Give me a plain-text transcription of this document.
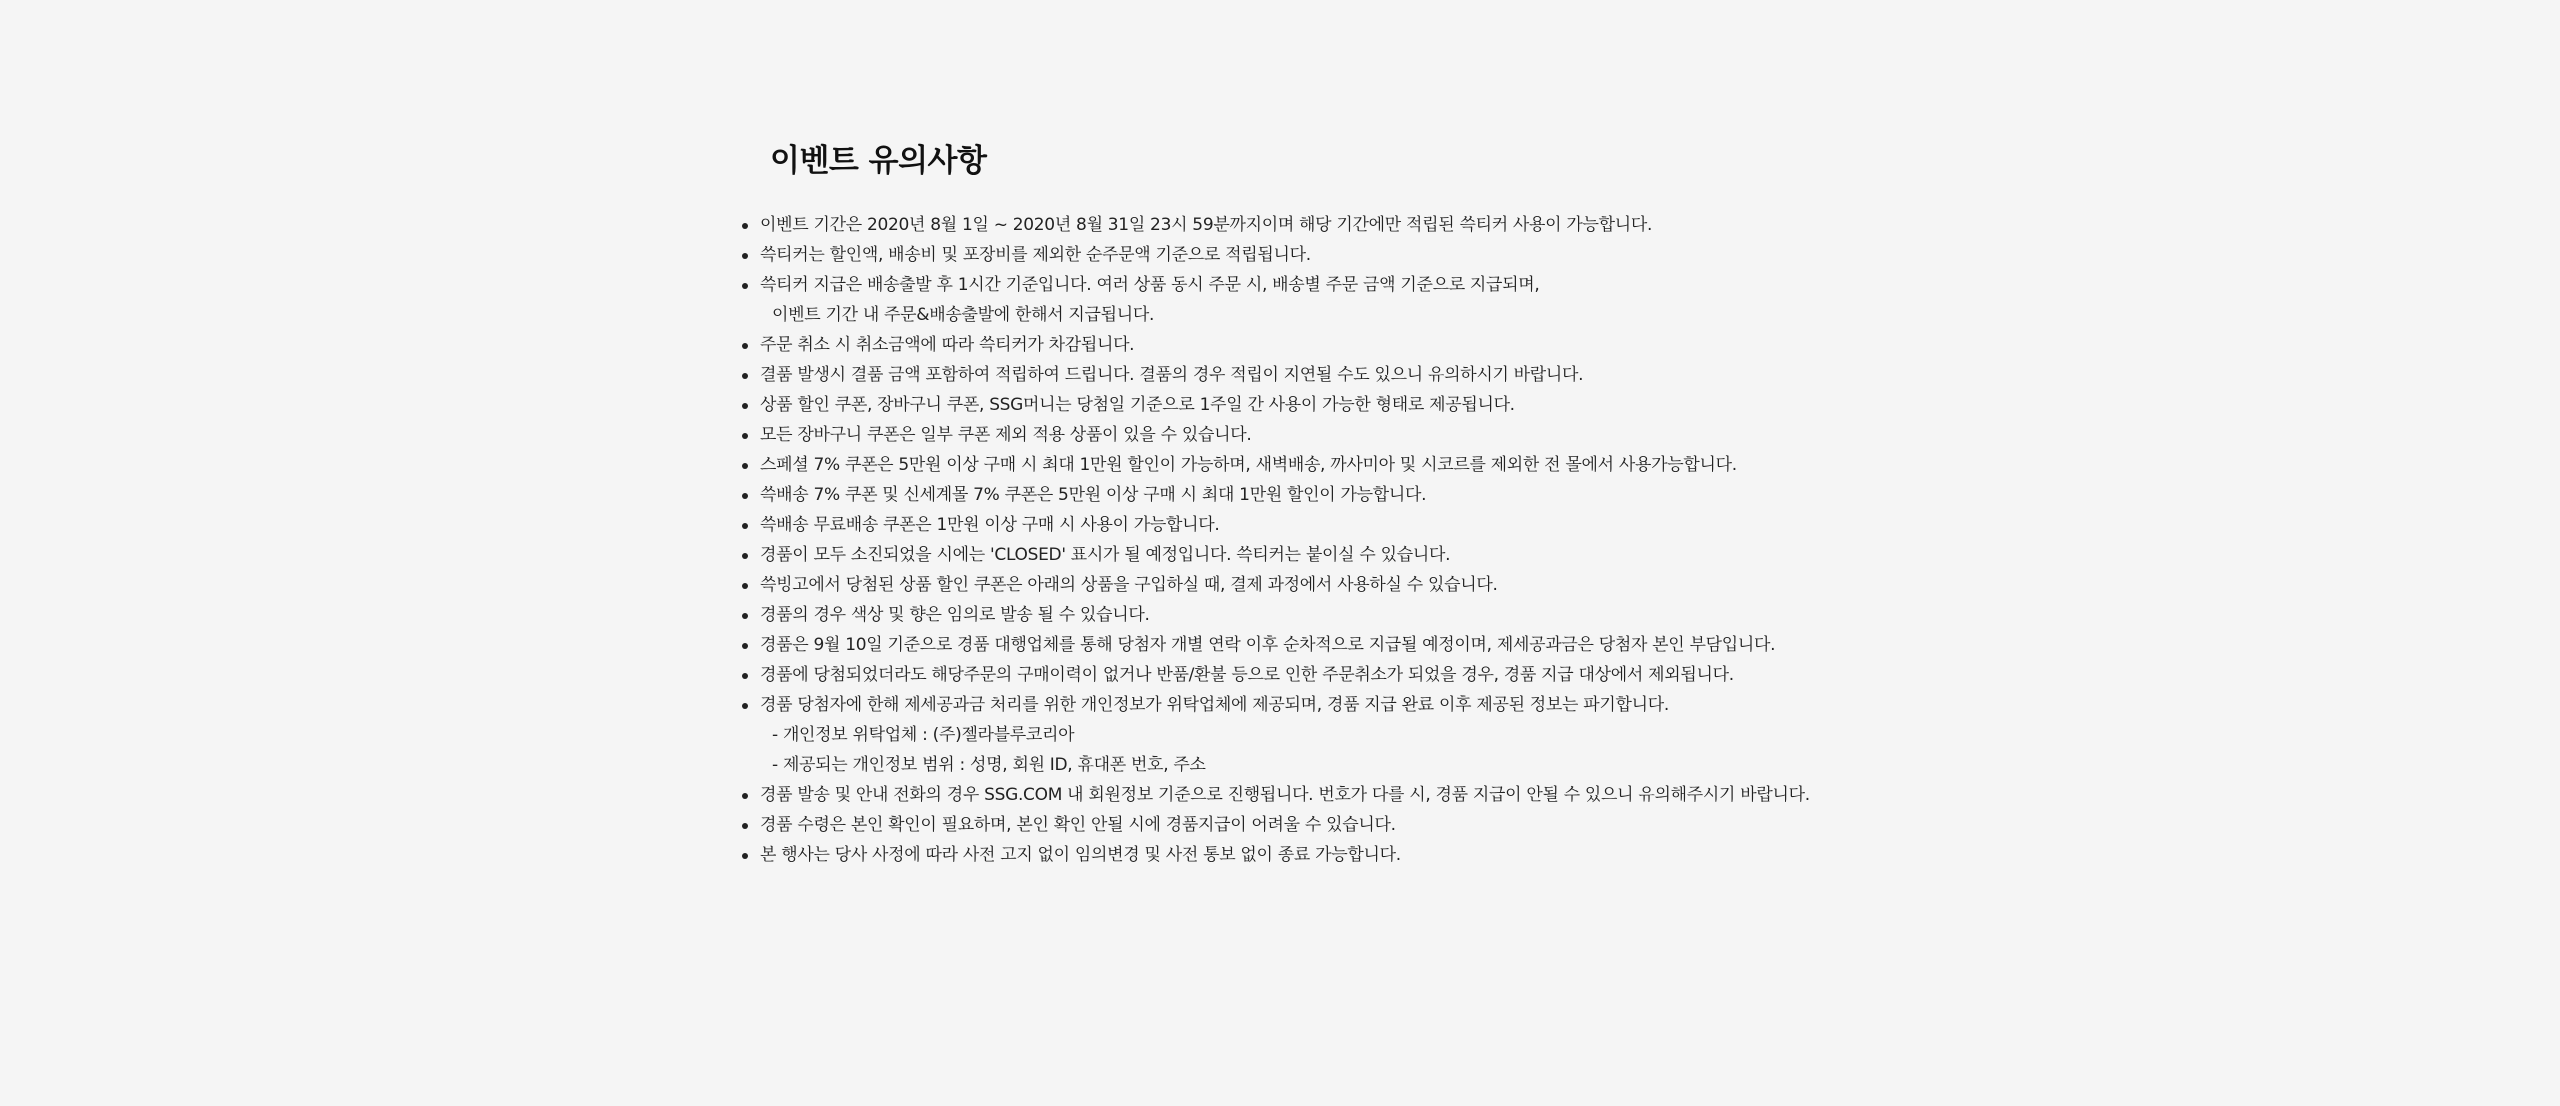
이벤트 유의사항
이벤트 기간은 2020년 8월 1일 ~ 2020년 8월 31일 23시 59분까지이며 해당 기간에만 적립된 쓱티커 사용이 가능합니다.
쓱티커는 할인액, 배송비 및 포장비를 제외한 순주문액 기준으로 적립됩니다.
쓱티커 지급은 배송출발 후 1시간 기준입니다. 여러 상품 동시 주문 시, 배송별 주문 금액 기준으로 지급되며,
이벤트 기간 내 주문&배송출발에 한해서 지급됩니다.
주문 취소 시 취소금액에 따라 쓱티커가 차감됩니다.
결품 발생시 결품 금액 포함하여 적립하여 드립니다. 결품의 경우 적립이 지연될 수도 있으니 유의하시기 바랍니다.
상품 할인 쿠폰, 장바구니 쿠폰, SSG머니는 당첨일 기준으로 1주일 간 사용이 가능한 형태로 제공됩니다.
모든 장바구니 쿠폰은 일부 쿠폰 제외 적용 상품이 있을 수 있습니다.
스페셜 7% 쿠폰은 5만원 이상 구매 시 최대 1만원 할인이 가능하며, 새벽배송, 까사미아 및 시코르를 제외한 전 몰에서 사용가능합니다.
쓱배송 7% 쿠폰 및 신세계몰 7% 쿠폰은 5만원 이상 구매 시 최대 1만원 할인이 가능합니다.
쓱배송 무료배송 쿠폰은 1만원 이상 구매 시 사용이 가능합니다.
경품이 모두 소진되었을 시에는 'CLOSED' 표시가 될 예정입니다. 쓱티커는 붙이실 수 있습니다.
쓱빙고에서 당첨된 상품 할인 쿠폰은 아래의 상품을 구입하실 때, 결제 과정에서 사용하실 수 있습니다.
경품의 경우 색상 및 향은 임의로 발송 될 수 있습니다.
경품은 9월 10일 기준으로 경품 대행업체를 통해 당첨자 개별 연락 이후 순차적으로 지급될 예정이며, 제세공과금은 당첨자 본인 부담입니다.
경품에 당첨되었더라도 해당주문의 구매이력이 없거나 반품/환불 등으로 인한 주문취소가 되었을 경우, 경품 지급 대상에서 제외됩니다.
경품 당첨자에 한해 제세공과금 처리를 위한 개인정보가 위탁업체에 제공되며, 경품 지급 완료 이후 제공된 정보는 파기합니다.
- 개인정보 위탁업체 : (주)젤라블루코리아
- 제공되는 개인정보 범위 : 성명, 회원 ID, 휴대폰 번호, 주소
경품 발송 및 안내 전화의 경우 SSG.COM 내 회원정보 기준으로 진행됩니다. 번호가 다를 시, 경품 지급이 안될 수 있으니 유의해주시기 바랍니다.
경품 수령은 본인 확인이 필요하며, 본인 확인 안될 시에 경품지급이 어려울 수 있습니다.
본 행사는 당사 사정에 따라 사전 고지 없이 임의변경 및 사전 통보 없이 종료 가능합니다.
